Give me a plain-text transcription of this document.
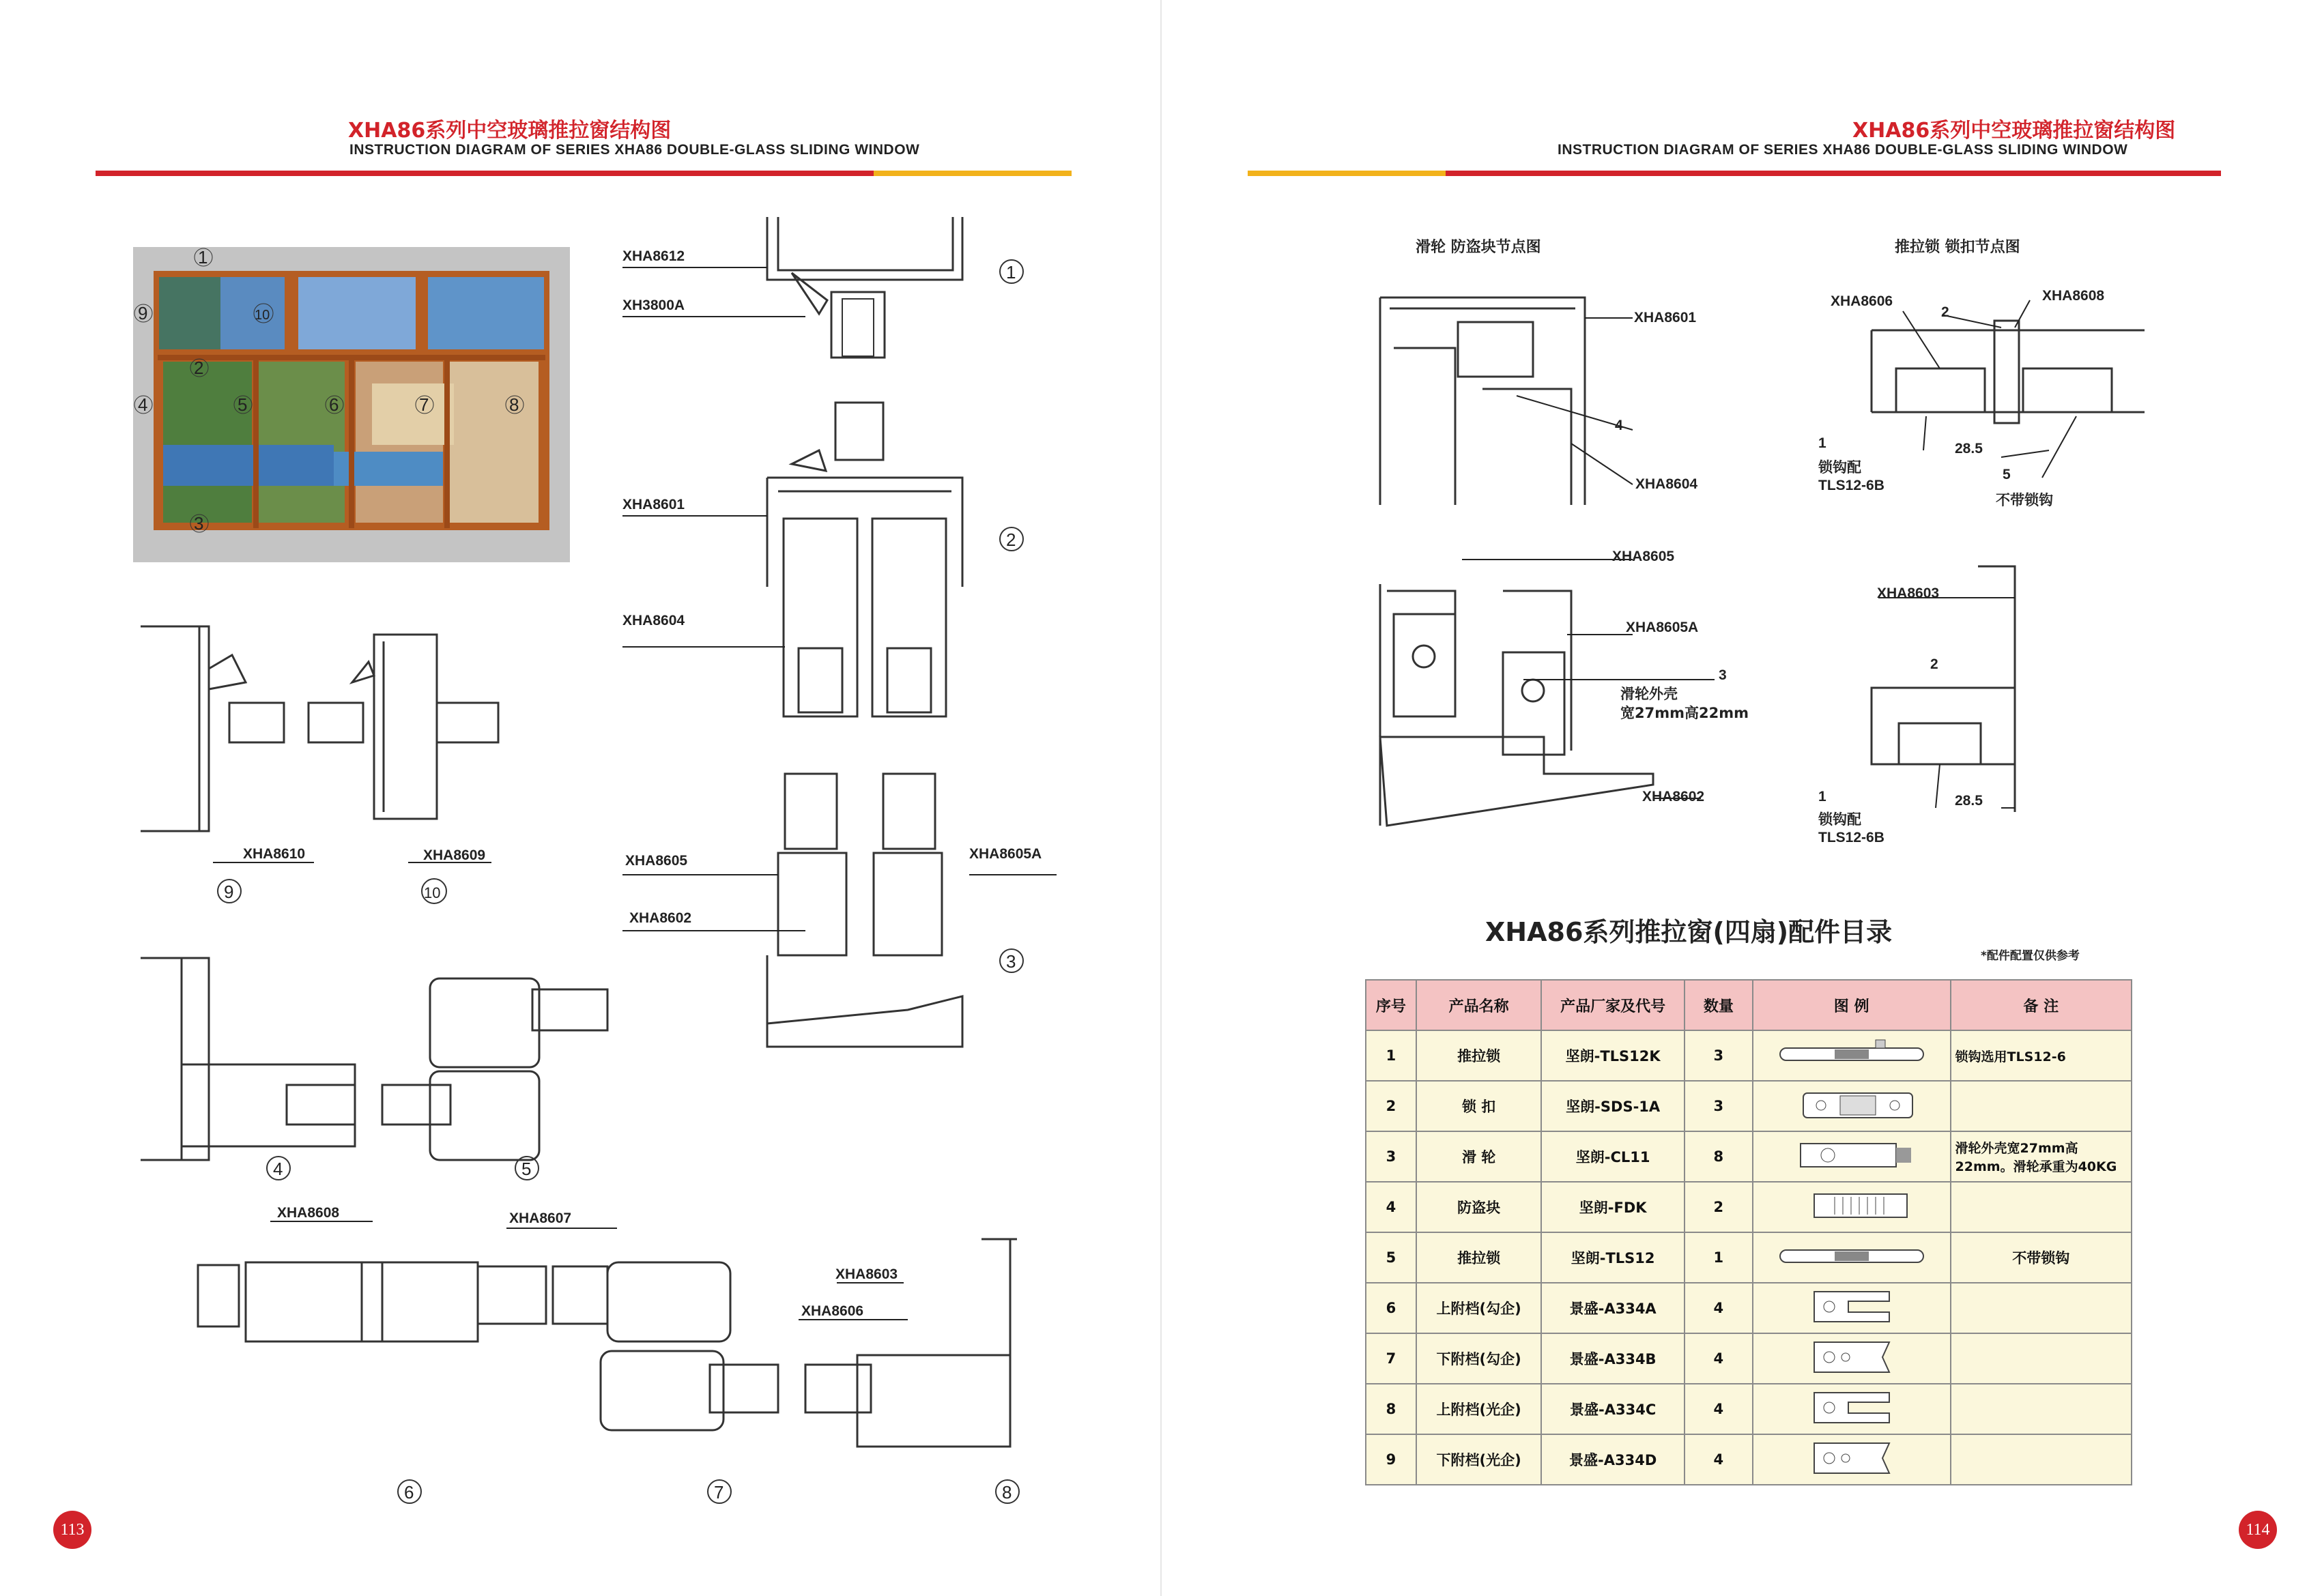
XHA86系列中空玻璃推拉窗结构图
INSTRUCTION DIAGRAM OF SERIES XHA86 DOUBLE-GLASS SLIDING WINDOW
1
2
3
4	5	6	7	8
9	10
XHA8612
XH3800A
XHA8601
XHA8604
XHA8605
XHA8602
XHA8605A
XHA8610	XHA8609
XHA8608	XHA8607
XHA8603
XHA8606
1
2
3
4	5
6	7	8
9	10
113
XHA86系列中空玻璃推拉窗结构图
INSTRUCTION DIAGRAM OF SERIES XHA86 DOUBLE-GLASS SLIDING WINDOW
滑轮 防盗块节点图	推拉锁 锁扣节点图
XHA8601
4
XHA8604
XHA8605
XHA8605A
3
XHA8602
XHA8606
2
XHA8608
1
TLS12-6B
28.5
5
XHA8603
2
1
TLS12-6B
28.5
滑轮外壳
宽27mm高22mm
锁钩配
不带锁钩
锁钩配
XHA86系列推拉窗(四扇)配件目录
*配件配置仅供参考
序号	产品名称	产品厂家及代号	数量	图 例	备 注
1	推拉锁	坚朗-TLS12K	3		锁钩选用TLS12-6
2	锁 扣	坚朗-SDS-1A	3		
3	滑 轮	坚朗-CL11	8		滑轮外壳宽27mm高22mm。滑轮承重为40KG
4	防盗块	坚朗-FDK	2		
5	推拉锁	坚朗-TLS12	1		不带锁钩
6	上附档(勾企)	景盛-A334A	4		
7	下附档(勾企)	景盛-A334B	4		
8	上附档(光企)	景盛-A334C	4		
9	下附档(光企)	景盛-A334D	4		
114
